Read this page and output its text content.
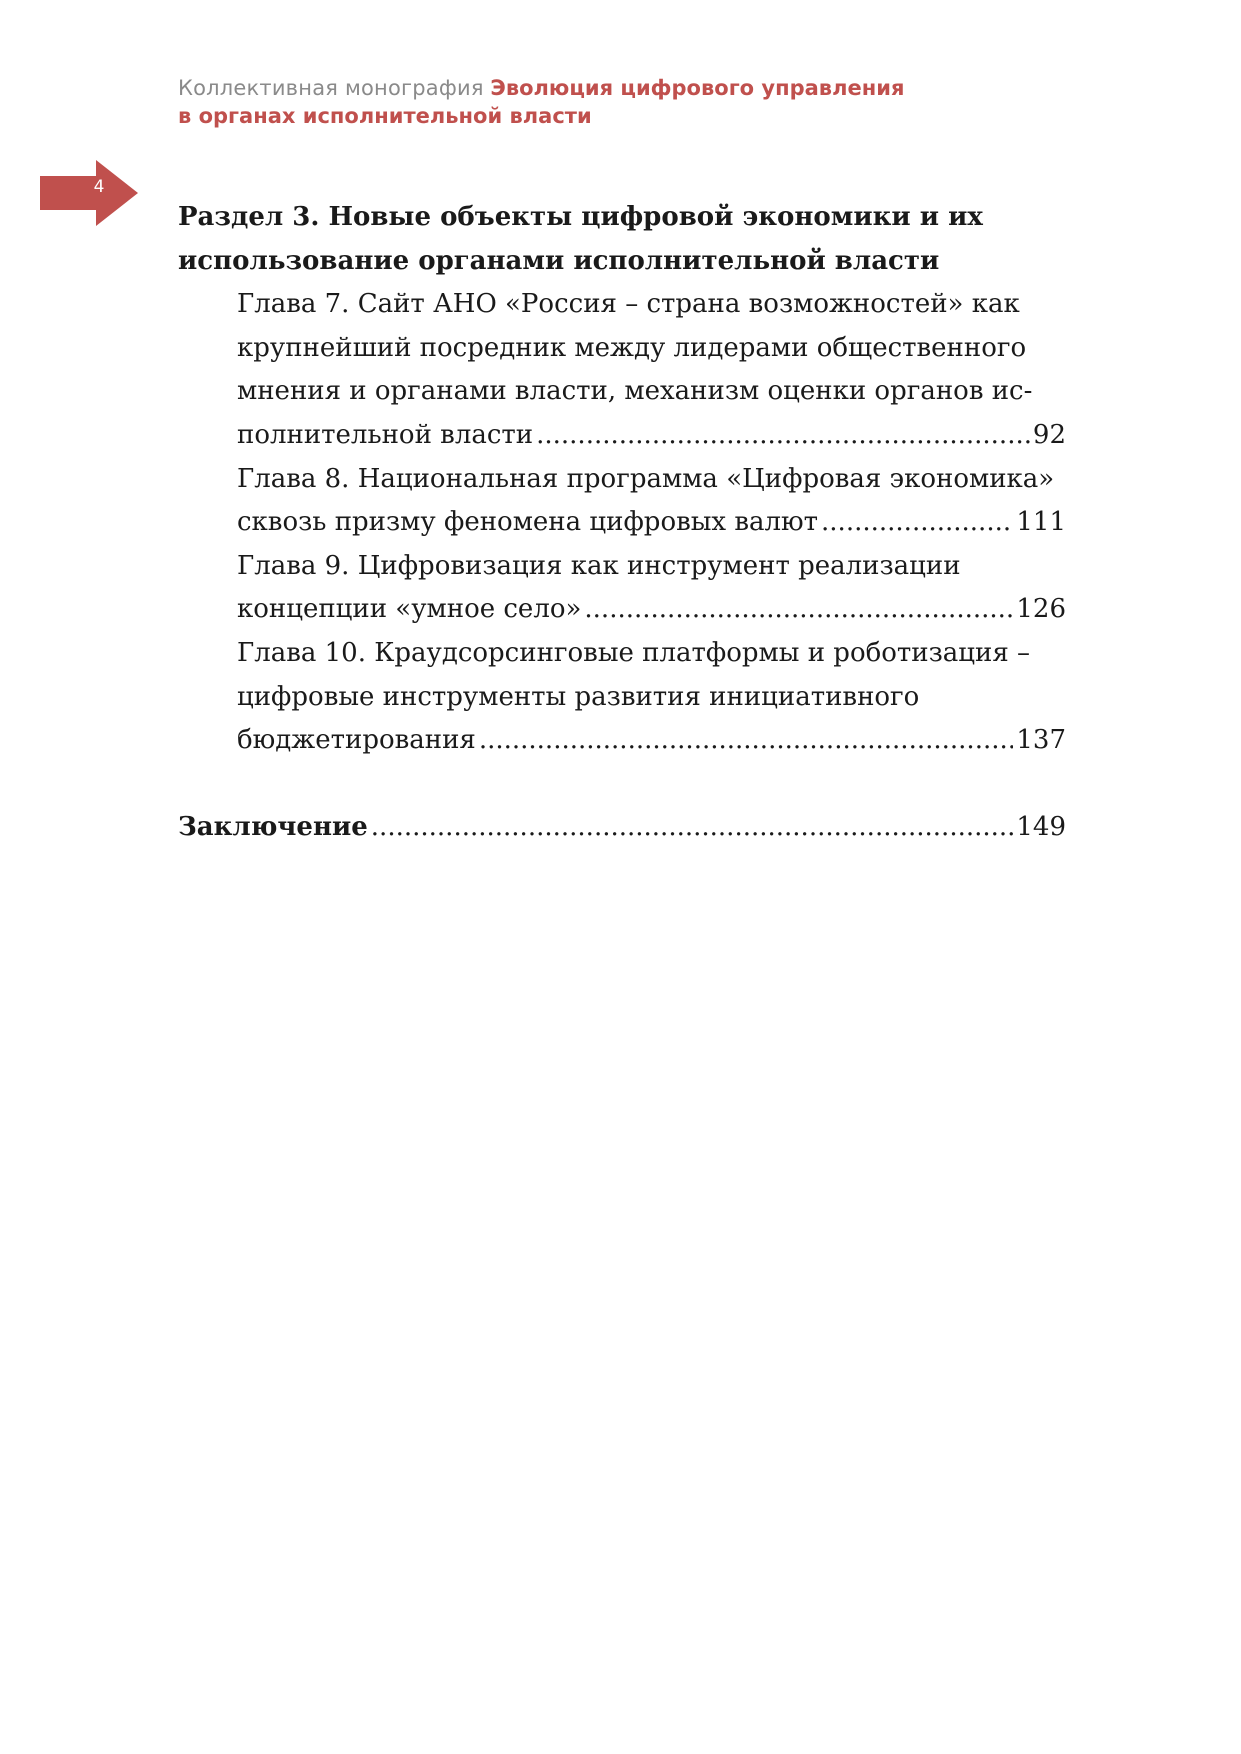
Коллективная монография Эволюция цифрового управления
в органах исполнительной власти
4
Раздел 3. Новые объекты цифровой экономики и их
использование органами исполнительной власти
Глава 7. Сайт АНО «Россия – страна возможностей» как
крупнейший посредник между лидерами общественного
мнения и органами власти, механизм оценки органов ис-
полнительной власти .....	92
Глава 8. Национальная программа «Цифровая экономика»
сквозь призму феномена цифровых валют .....	111
Глава 9. Цифровизация как инструмент реализации
концепции «умное село» .....	126
Глава 10. Краудсорсинговые платформы и роботизация –
цифровые инструменты развития инициативного
бюджетирования .....	137
Заключение .....	149
